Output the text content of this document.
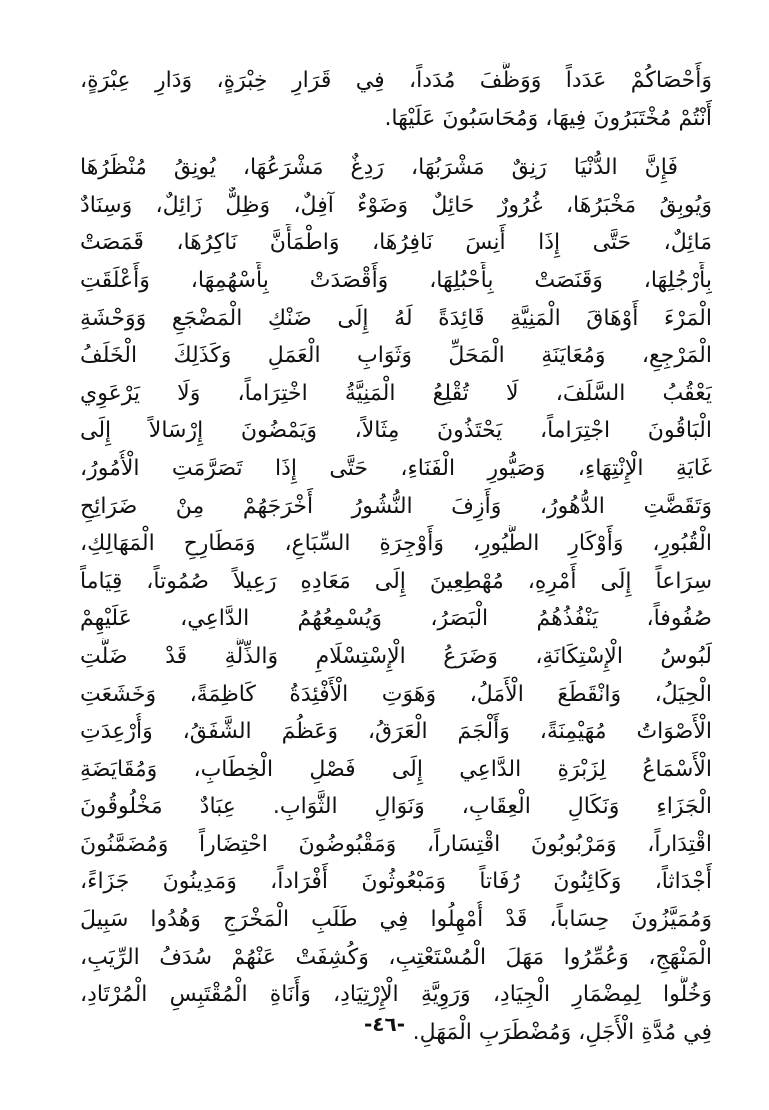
وَأَحْصَاكُمْ عَدَداً وَوَظَّفَ مُدَداً، فِي قَرَارِ خِبْرَةٍ، وَدَارِ عِبْرَةٍ،
أَنْتُمْ مُخْتَبَرُونَ فِيهَا، وَمُحَاسَبُونَ عَلَيْهَا.
فَإِنَّ الدُّنْيَا رَنِقٌ مَشْرَبُهَا، رَدِغٌ مَشْرَعُهَا، يُونِقُ مُنْظَرُهَا
وَيُوبِقُ مَخْبَرُهَا، غُرُورٌ حَائِلٌ وَضَوْءٌ آفِلٌ، وَظِلٌّ زَائِلٌ، وَسِنَادٌ
مَائِلٌ، حَتَّى إِذَا أَنِسَ نَافِرُهَا، وَاطْمَأَنَّ نَاكِرُهَا، قَمَصَتْ
بِأَرْجُلِهَا، وَقَنَصَتْ بِأَحْبُلِهَا، وَأَقْصَدَتْ بِأَسْهُمِهَا، وَأَعْلَقَتِ
الْمَرْءَ أَوْهَاقَ الْمَنِيَّةِ قَائِدَةً لَهُ إِلَى ضَنْكِ الْمَضْجَعِ وَوَحْشَةِ
الْمَرْجِعِ، وَمُعَايَنَةِ الْمَحَلِّ وَثَوَابِ الْعَمَلِ وَكَذَلِكَ الْخَلَفُ
يَعْقُبُ السَّلَفَ، لَا تُقْلِعُ الْمَنِيَّةُ اخْتِرَاماً، وَلَا يَرْعَوِي
الْبَاقُونَ اجْتِرَاماً، يَحْتَذُونَ مِثَالاً، وَيَمْضُونَ إِرْسَالاً إِلَى
غَايَةِ الْإِنْتِهَاءِ، وَصَيُّورِ الْفَنَاءِ، حَتَّى إِذَا تَصَرَّمَتِ الْأُمُورُ،
وَتَقَضَّتِ الدُّهُورُ، وَأَزِفَ النُّشُورُ أَخْرَجَهُمْ مِنْ ضَرَائِحِ
الْقُبُورِ، وَأَوْكَارِ الطُّيُورِ، وَأَوْجِرَةِ السِّبَاعِ، وَمَطَارِحِ الْمَهَالِكِ،
سِرَاعاً إِلَى أَمْرِهِ، مُهْطِعِينَ إِلَى مَعَادِهِ رَعِيلاً صُمُوتاً، قِيَاماً
صُفُوفاً، يَنْفُذُهُمُ الْبَصَرُ، وَيُسْمِعُهُمُ الدَّاعِي، عَلَيْهِمْ
لَبُوسُ الْإِسْتِكَانَةِ، وَضَرَعُ الْإِسْتِسْلَامِ وَالذِّلَّةِ قَدْ ضَلَّتِ
الْحِيَلُ، وَانْقَطَعَ الْأَمَلُ، وَهَوَتِ الْأَفْئِدَةُ كَاظِمَةً، وَخَشَعَتِ
الْأَصْوَاتُ مُهَيْمِنَةً، وَأَلْجَمَ الْعَرَقُ، وَعَظُمَ الشَّفَقُ، وَأُرْعِدَتِ
الْأَسْمَاعُ لِزَبْرَةِ الدَّاعِي إِلَى فَصْلِ الْخِطَابِ، وَمُقَايَضَةِ
الْجَزَاءِ وَنَكَالِ الْعِقَابِ، وَنَوَالِ الثَّوَابِ. عِبَادٌ مَخْلُوقُونَ
اقْتِدَاراً، وَمَرْبُوبُونَ اقْتِسَاراً، وَمَقْبُوضُونَ احْتِضَاراً وَمُضَمَّنُونَ
أَجْدَاثاً، وَكَائِنُونَ رُفَاتاً وَمَبْعُوثُونَ أَفْرَاداً، وَمَدِينُونَ جَزَاءً،
وَمُمَيَّزُونَ حِسَاباً، قَدْ أُمْهِلُوا فِي طَلَبِ الْمَخْرَجِ وَهُدُوا سَبِيلَ
الْمَنْهَجِ، وَعُمِّرُوا مَهَلَ الْمُسْتَعْتِبِ، وَكُشِفَتْ عَنْهُمْ سُدَفُ الرِّيَبِ،
وَخُلُّوا لِمِضْمَارِ الْجِيَادِ، وَرَوِيَّةِ الْإِرْتِيَادِ، وَأَنَاةِ الْمُقْتَبِسِ الْمُرْتَادِ،
فِي مُدَّةِ الْأَجَلِ، وَمُضْطَرَبِ الْمَهَلِ.
-٤٦-
